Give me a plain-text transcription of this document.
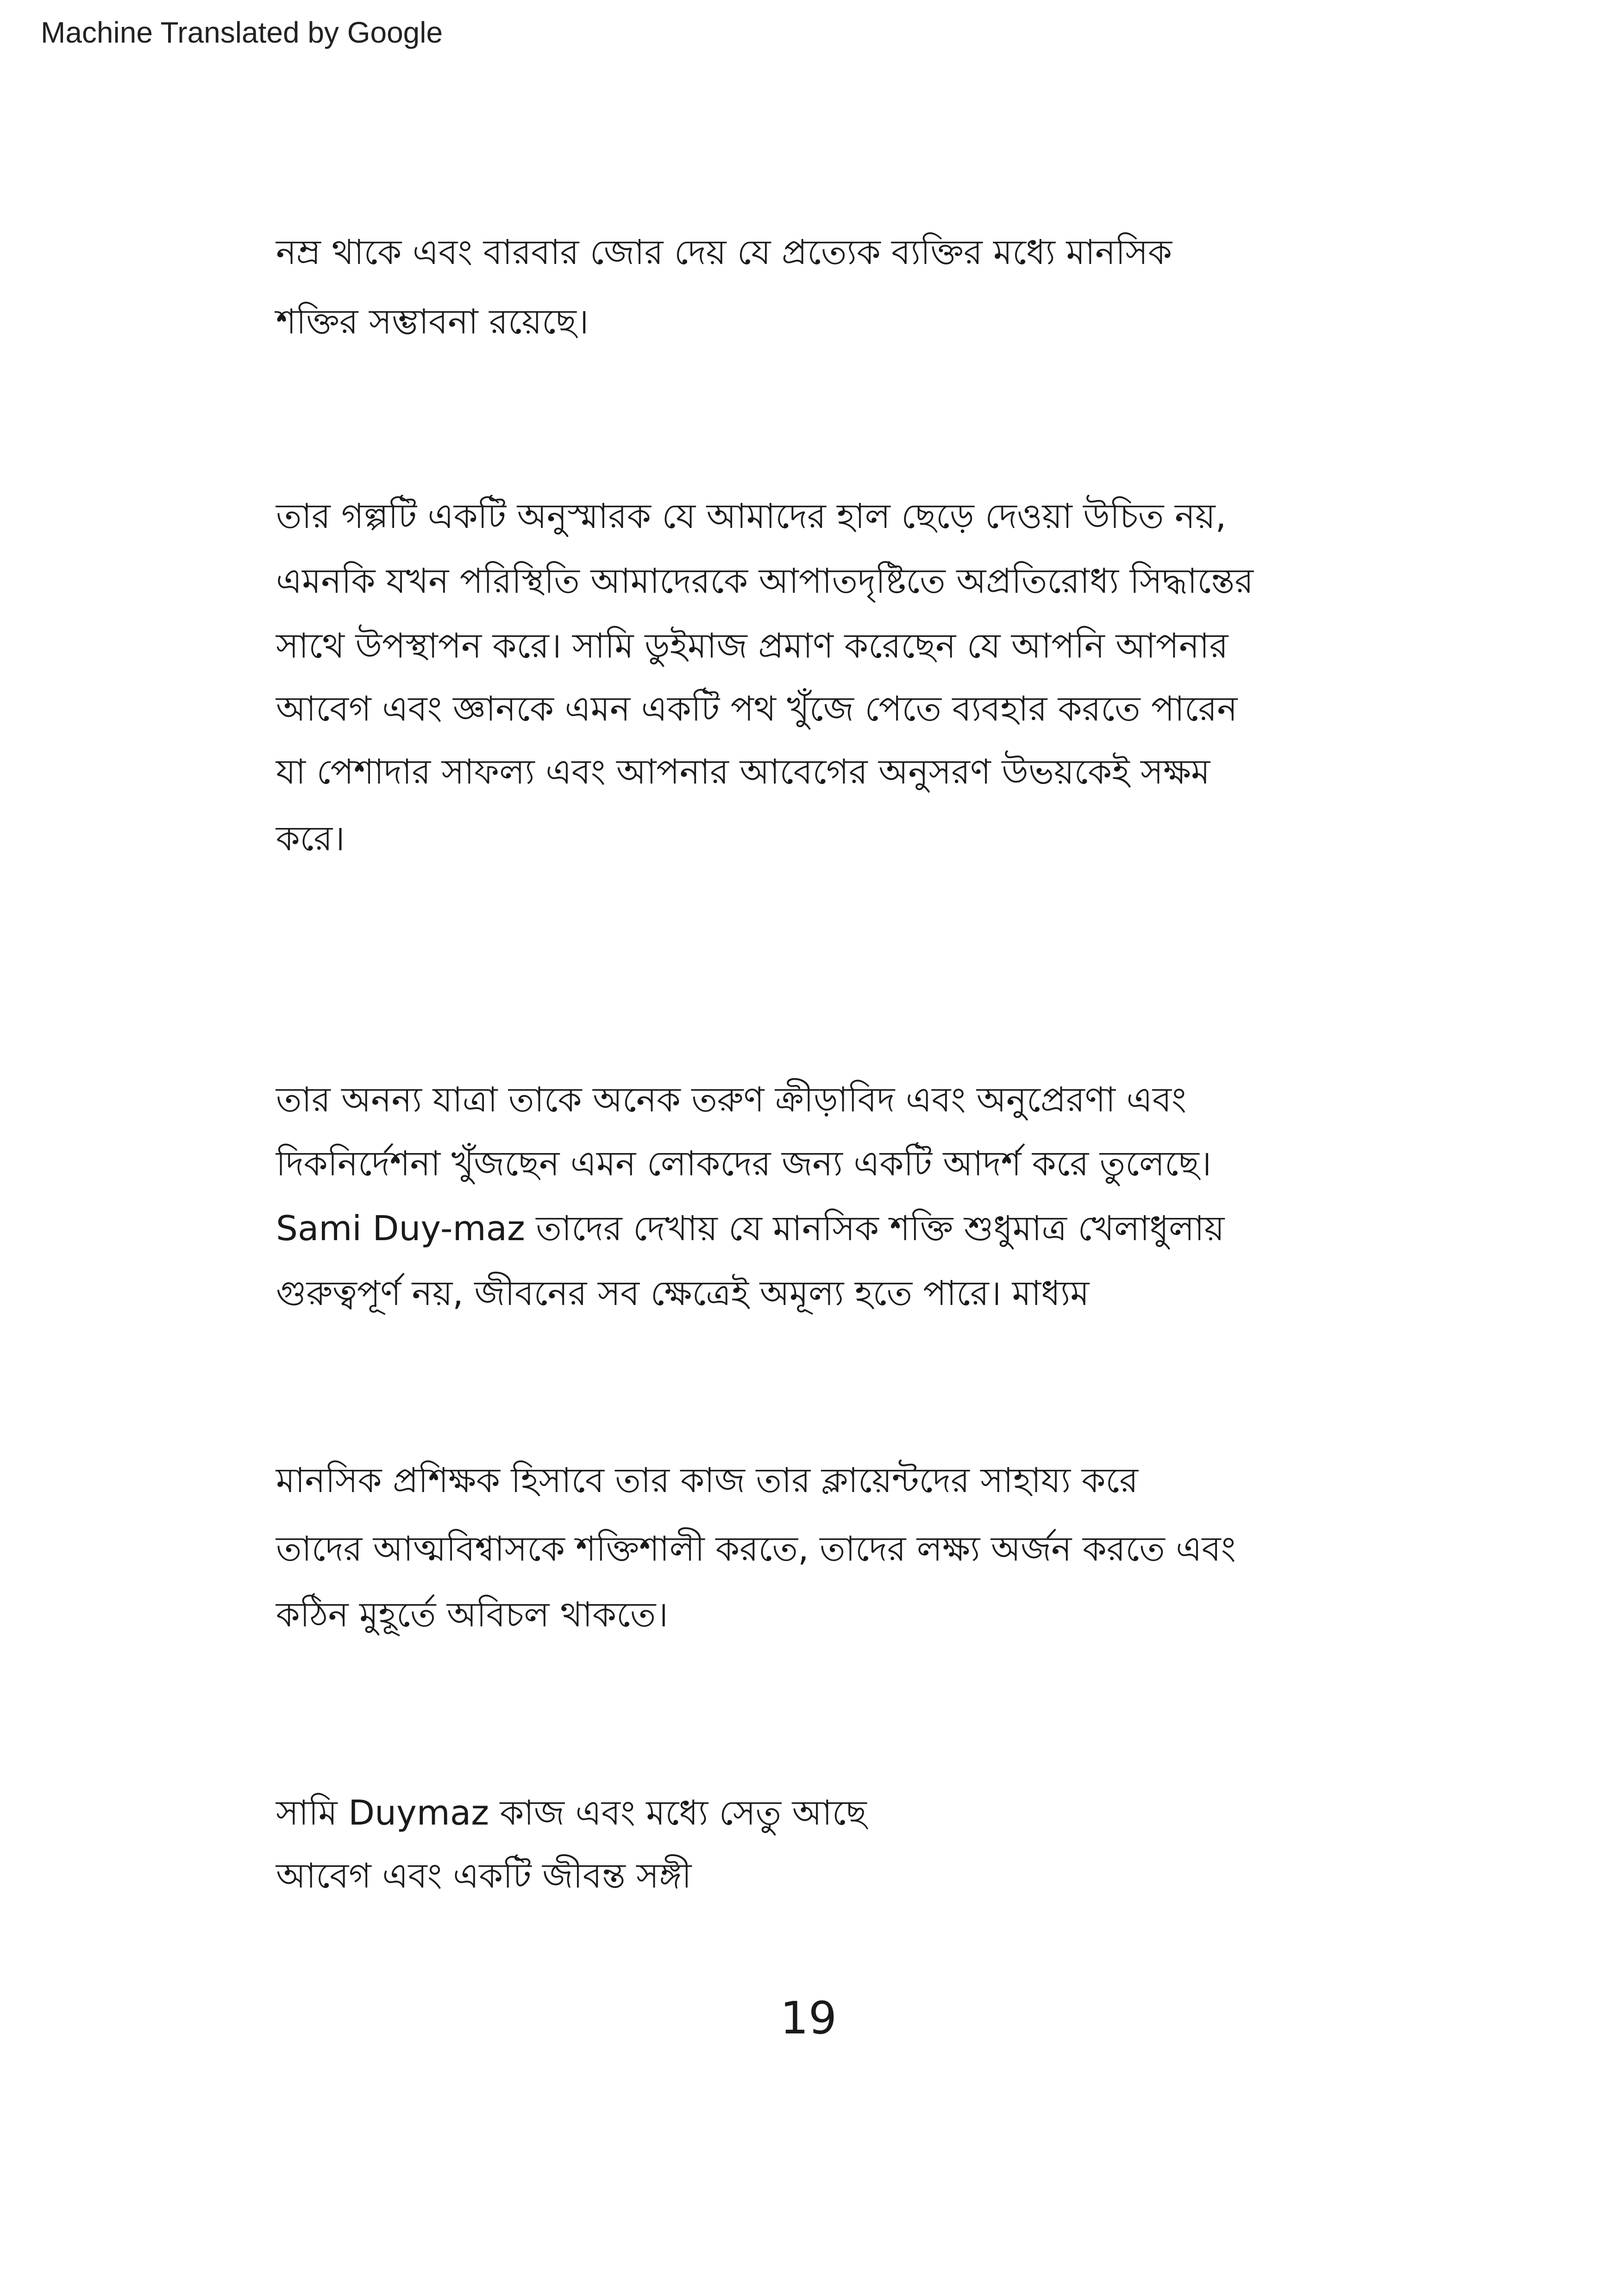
Machine Translated by Google
নম্র থাকে এবং বারবার জোর দেয় যে প্রত্যেক ব্যক্তির মধ্যে মানসিক
শক্তির সম্ভাবনা রয়েছে।
তার গল্পটি একটি অনুস্মারক যে আমাদের হাল ছেড়ে দেওয়া উচিত নয়,
এমনকি যখন পরিস্থিতি আমাদেরকে আপাতদৃষ্টিতে অপ্রতিরোধ্য সিদ্ধান্তের
সাথে উপস্থাপন করে। সামি ডুইমাজ প্রমাণ করেছেন যে আপনি আপনার
আবেগ এবং জ্ঞানকে এমন একটি পথ খুঁজে পেতে ব্যবহার করতে পারেন
যা পেশাদার সাফল্য এবং আপনার আবেগের অনুসরণ উভয়কেই সক্ষম
করে।
তার অনন্য যাত্রা তাকে অনেক তরুণ ক্রীড়াবিদ এবং অনুপ্রেরণা এবং
দিকনির্দেশনা খুঁজছেন এমন লোকদের জন্য একটি আদর্শ করে তুলেছে।
Sami Duy-maz তাদের দেখায় যে মানসিক শক্তি শুধুমাত্র খেলাধুলায়
গুরুত্বপূর্ণ নয়, জীবনের সব ক্ষেত্রেই অমূল্য হতে পারে। মাধ্যম
মানসিক প্রশিক্ষক হিসাবে তার কাজ তার ক্লায়েন্টদের সাহায্য করে
তাদের আত্মবিশ্বাসকে শক্তিশালী করতে, তাদের লক্ষ্য অর্জন করতে এবং
কঠিন মুহূর্তে অবিচল থাকতে।
সামি Duymaz কাজ এবং মধ্যে সেতু আছে
আবেগ এবং একটি জীবন্ত সঙ্গী
19
